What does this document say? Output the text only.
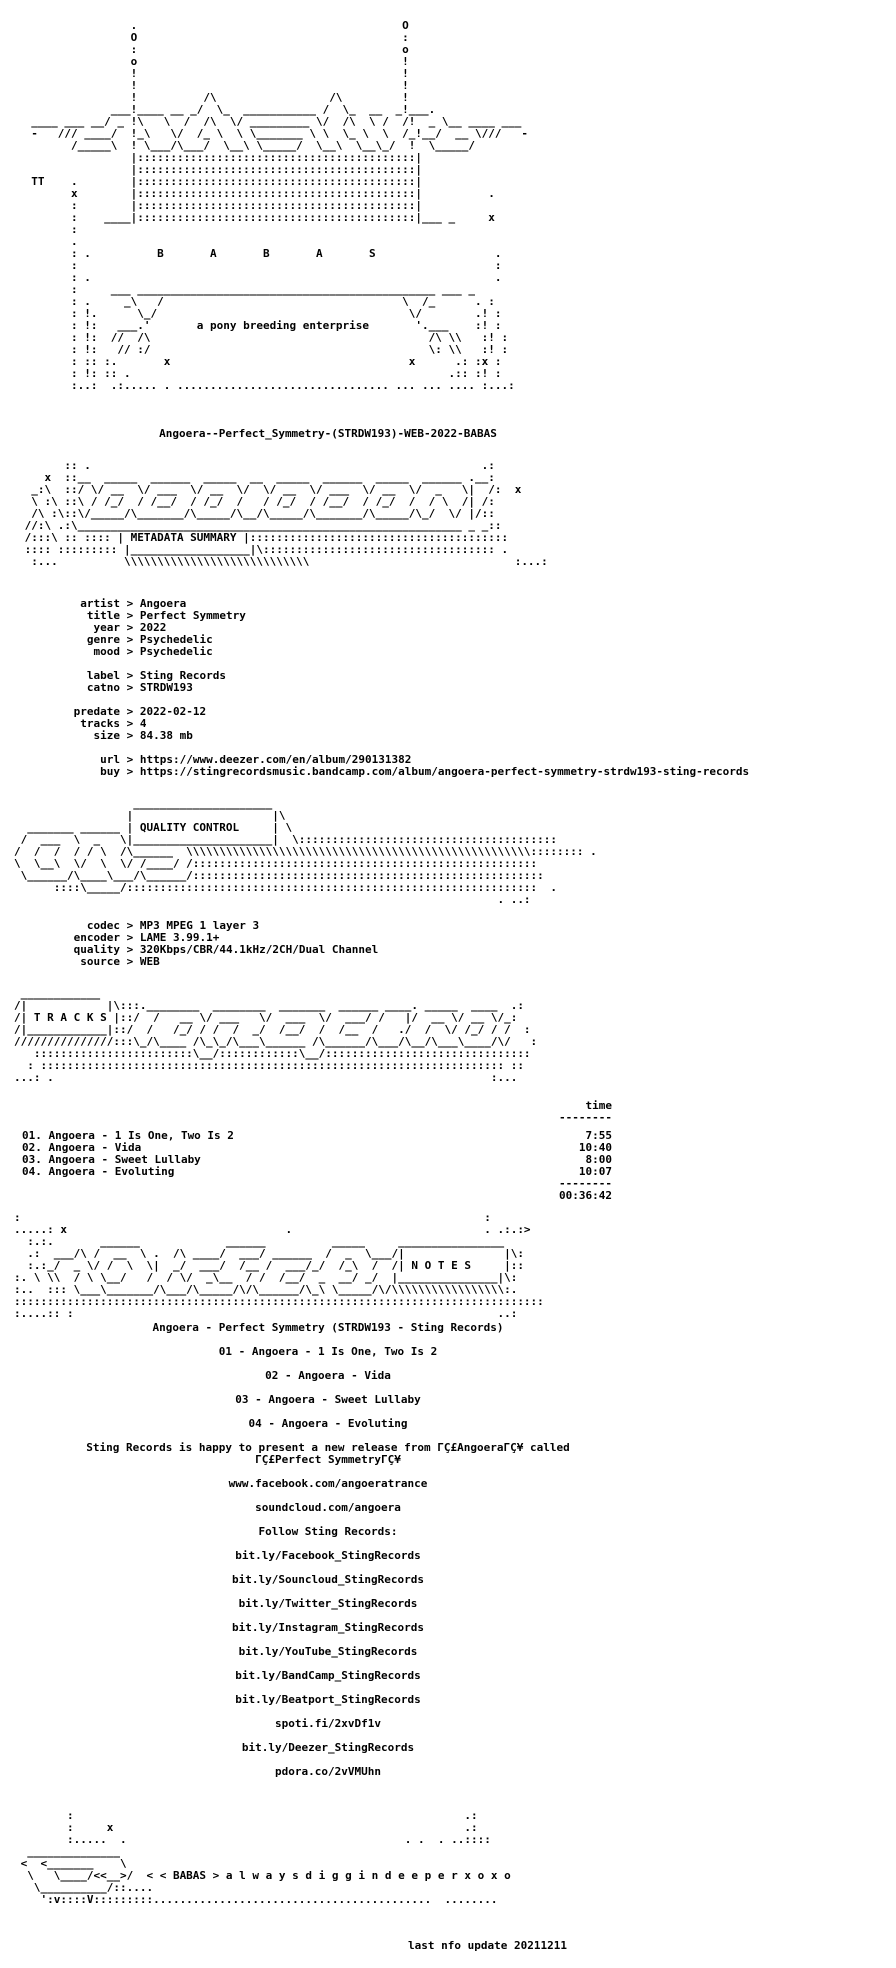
.                                        O
O                                        :
:                                        o
o                                        !
!                                        !
!                                        !
!          /\                 /\         !
___!____ __ _/  \_  ___________ /  \_  __  _!___.
____ ___ __/ _ !\   \  /  /\  \/ _________ \/  /\  \ /  /!  _ \__ ____ ___
-   /// ____/  !_\   \/  /_ \  \ \_______ \ \  \_ \  \  /_!__/  __ \///   -
/_____\  ! \___/\___/  \__\ \_____/  \__\  \__\_/  !  \_____/
|::::::::::::::::::::::::::::::::::::::::::|
|::::::::::::::::::::::::::::::::::::::::::|
TT    .        |::::::::::::::::::::::::::::::::::::::::::|
x        |::::::::::::::::::::::::::::::::::::::::::|          .
:        |::::::::::::::::::::::::::::::::::::::::::|
:    ____|::::::::::::::::::::::::::::::::::::::::::|___ _     x
:
.
: .          B       A       B       A       S                  .
:                                                               :
: .                                                             .
:     ___ _____________________________________________ ___ _
: .     _\   /                                    \  /_      . :
: !.      \_/                                      \/        .! :
: !:   ___.'       a pony breeding enterprise       '.___    :! :
: !:  //  /\                                          /\ \\   :! :
: !:   // :/                                          \: \\   :! :
: :: :.       x                                    x      .: :x :
: !: :: .                                                .:: :! :
:..:  .:..... . ................................ ... ... .... :...:
Angoera--Perfect_Symmetry-(STRDW193)-WEB-2022-BABAS
:: .                                                           .:
x  ::__  _____  ______  _____  __  _____  ______  _____  ______ .__:
_:\  ::/ \/ __  \/ ___  \/ __  \/  \/ __  \/ ___  \/ __  \/  _   \|  /:  x
\ :\ ::\ / /_/  / /__/  / /_/  /   / /_/  / /__/  / /_/  /  / \  /| /:
/\ :\::\/_____/\_______/\_____/\__/\_____/\_______/\_____/\_/  \/ |/::
//:\ .:\__________________________________________________________ _ _::
/:::\ :: :::: | METADATA SUMMARY |:::::::::::::::::::::::::::::::::::::::
:::: ::::::::: |__________________|\::::::::::::::::::::::::::::::::::: .
:...          \\\\\\\\\\\\\\\\\\\\\\\\\\\\                               :...:
artist > Angoera
title > Perfect Symmetry
year > 2022
genre > Psychedelic
mood > Psychedelic

label > Sting Records
catno > STRDW193

predate > 2022-02-12
tracks > 4
size > 84.38 mb

url > https://www.deezer.com/en/album/290131382
buy > https://stingrecordsmusic.bandcamp.com/album/angoera-perfect-symmetry-strdw193-sting-records
_____________________
|                     |\
_______ ______ | QUALITY CONTROL     | \
/  ___  \  _   \|_____________________|  \:::::::::::::::::::::::::::::::::::::::
/  /  /  / / \  /\______  \\\\\\\\\\\\\\\\\\\\\\\\\\\\\\\\\\\\\\\\\\\\\\\\\\\\:::::::: .
\  \__\  \/  \  \/ /____/ /::::::::::::::::::::::::::::::::::::::::::::::::::::
\______/\____\___/\______/:::::::::::::::::::::::::::::::::::::::::::::::::::::
::::\_____/::::::::::::::::::::::::::::::::::::::::::::::::::::::::::::::  .
. ..:
codec > MP3 MPEG 1 layer 3
encoder > LAME 3.99.1+
quality > 320Kbps/CBR/44.1kHz/2CH/Dual Channel
source > WEB
____________
/|            |\:::.________  ________  _______  ______ ____. _____  ____  .:
/| T R A C K S |::/  /   __ \/ ___   \/  ___  \/  ___/ /   |/  __ \/ __ \/_:
/|____________|::/  /   /_/ / /  /  _/  /__/  /  /__  /   ./  /  \/ /_/ / /  :
///////////////:::\_/\____ /\_\_/\___\______ /\______/\___/\__/\___\____/\/   :
::::::::::::::::::::::::\__/::::::::::::\__/:::::::::::::::::::::::::::::::
: :::::::::::::::::::::::::::::::::::::::::::::::::::::::::::::::::::::: ::
...: .                                                                  :...
time
--------
01. Angoera - 1 Is One, Two Is 2	7:55
02. Angoera - Vida	10:40
03. Angoera - Sweet Lullaby	8:00
04. Angoera - Evoluting	10:07
--------
00:36:42
:                                                                      :
.....: x                                 .                             . .:.:>
:.:.       ______             ______          _____     ________________
.:  ___/\ /  __  \ .  /\ ____/  ___/ ______  /  _  \___/|               |\:
:.:_/  _ \/ /  \  \|  _/  ___/  /__ /  ___/_/  /_\  /  /| N O T E S     |::
:. \ \\  / \ \__/   /  / \/  _\__  / /  /__/  _  __/ _/  |_______________|\:
:..  ::: \___\_______/\___/\_____/\/\______/\_\ \_____/\/\\\\\\\\\\\\\\\\\:.
::::::::::::::::::::::::::::::::::::::::::::::::::::::::::::::::::::::::::::::::
:....:: :                                                                ..:
Angoera - Perfect Symmetry (STRDW193 - Sting Records)
01 - Angoera - 1 Is One, Two Is 2
02 - Angoera - Vida
03 - Angoera - Sweet Lullaby
04 - Angoera - Evoluting
Sting Records is happy to present a new release from ΓÇ£AngoeraΓÇ¥ called
ΓÇ£Perfect SymmetryΓÇ¥
www.facebook.com/angoeratrance
soundcloud.com/angoera
Follow Sting Records:
bit.ly/Facebook_StingRecords
bit.ly/Souncloud_StingRecords
bit.ly/Twitter_StingRecords
bit.ly/Instagram_StingRecords
bit.ly/YouTube_StingRecords
bit.ly/BandCamp_StingRecords
bit.ly/Beatport_StingRecords
spoti.fi/2xvDf1v
bit.ly/Deezer_StingRecords
pdora.co/2vVMUhn
:                                                           .:
:     x                                                     .:
:.....  .                                          . .  . ..::::
______________
<  <_______    \
\   \____/<<__>/  < < BABAS > a l w a y s d i g g i n d e e p e r x o x o
\__________/::....
':v::::V:::::::::..........................................  ........
last nfo update 20211211
